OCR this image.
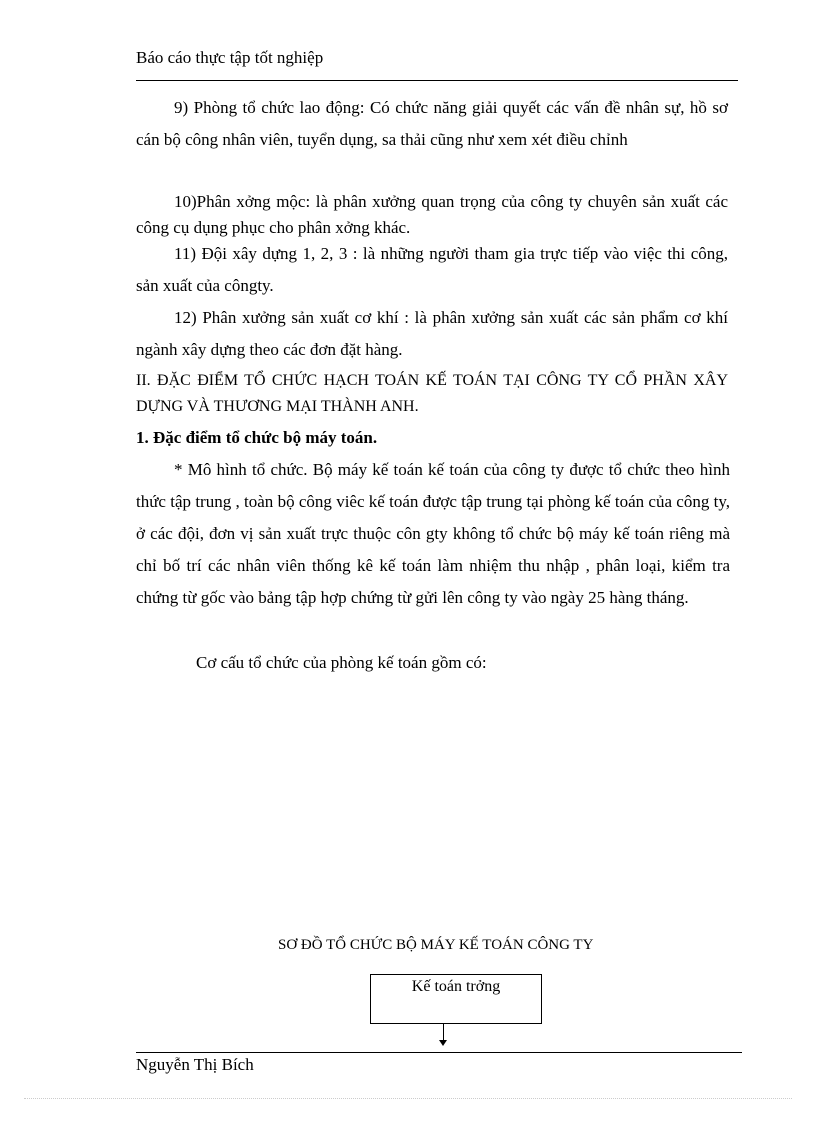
Báo cáo thực tập tốt nghiệp

9) Phòng tổ chức lao động: Có chức năng giải quyết các vấn đề nhân sự, hồ sơ cán bộ công nhân viên, tuyển dụng, sa thải cũng như xem xét điều chỉnh

10)Phân xởng mộc: là phân xưởng quan trọng của công ty chuyên sản xuất các công cụ dụng phục cho phân xởng khác.

11) Đội xây dựng 1, 2, 3 : là những người tham gia trực tiếp vào việc thi công, sản xuất của côngty.

12) Phân xưởng sản xuất cơ khí : là phân xưởng sản xuất các sản phẩm cơ khí ngành xây dựng theo các đơn đặt hàng.

II. ĐẶC ĐIỂM TỔ CHỨC HẠCH TOÁN KẾ TOÁN TẠI CÔNG TY CỔ PHẦN XÂY DỰNG VÀ THƯƠNG MẠI THÀNH ANH.

1. Đặc điểm tổ chức bộ máy toán.

* Mô hình tổ chức. Bộ máy kế toán kế toán của công ty được tổ chức theo hình thức tập trung , toàn bộ công viêc kế toán được tập trung tại phòng kế toán của công ty, ở các đội, đơn vị sản xuất trực thuộc côn gty không tổ chức bộ máy kế toán riêng mà chỉ bố trí các nhân viên thống kê kế toán làm nhiệm thu nhập , phân loại, kiểm tra chứng từ gốc vào bảng tập hợp chứng từ gửi lên công ty vào ngày 25 hàng tháng.

Cơ cấu tổ chức của phòng kế toán gồm có:

SƠ ĐỒ TỔ CHỨC BỘ MÁY KẾ TOÁN CÔNG TY
Kế toán trởng
Nguyễn Thị Bích
